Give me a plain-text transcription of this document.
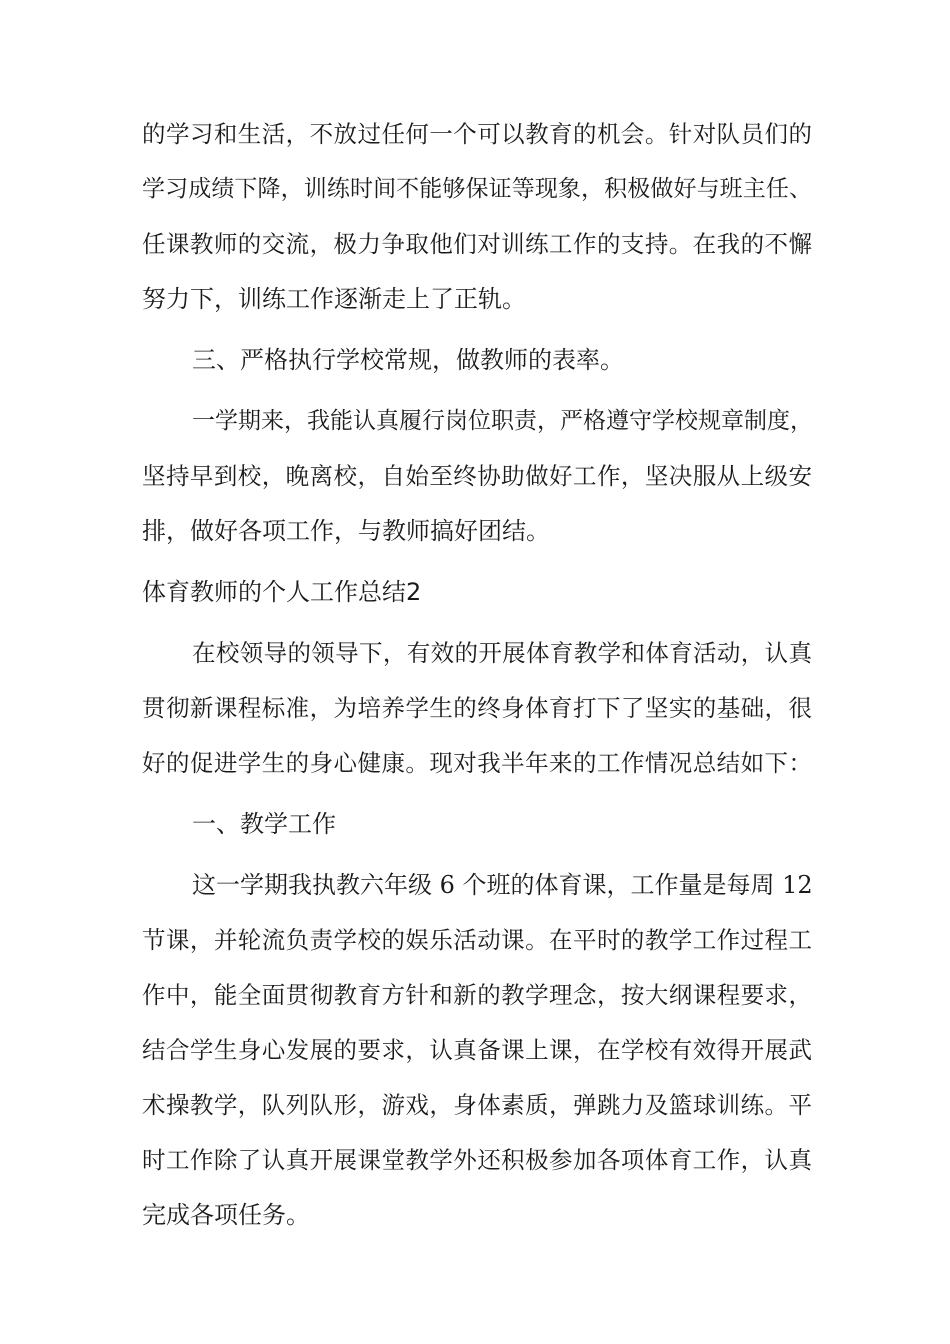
的学习和生活，不放过任何一个可以教育的机会。针对队员们的
学习成绩下降，训练时间不能够保证等现象，积极做好与班主任、
任课教师的交流，极力争取他们对训练工作的支持。在我的不懈
努力下，训练工作逐渐走上了正轨。
三、严格执行学校常规，做教师的表率。
一学期来，我能认真履行岗位职责，严格遵守学校规章制度，
坚持早到校，晚离校，自始至终协助做好工作，坚决服从上级安
排，做好各项工作，与教师搞好团结。
体育教师的个人工作总结2
在校领导的领导下，有效的开展体育教学和体育活动，认真
贯彻新课程标准，为培养学生的终身体育打下了坚实的基础，很
好的促进学生的身心健康。现对我半年来的工作情况总结如下：
一、教学工作
这一学期我执教六年级 6 个班的体育课，工作量是每周 12
节课，并轮流负责学校的娱乐活动课。在平时的教学工作过程工
作中，能全面贯彻教育方针和新的教学理念，按大纲课程要求，
结合学生身心发展的要求，认真备课上课，在学校有效得开展武
术操教学，队列队形，游戏，身体素质，弹跳力及篮球训练。平
时工作除了认真开展课堂教学外还积极参加各项体育工作，认真
完成各项任务。
